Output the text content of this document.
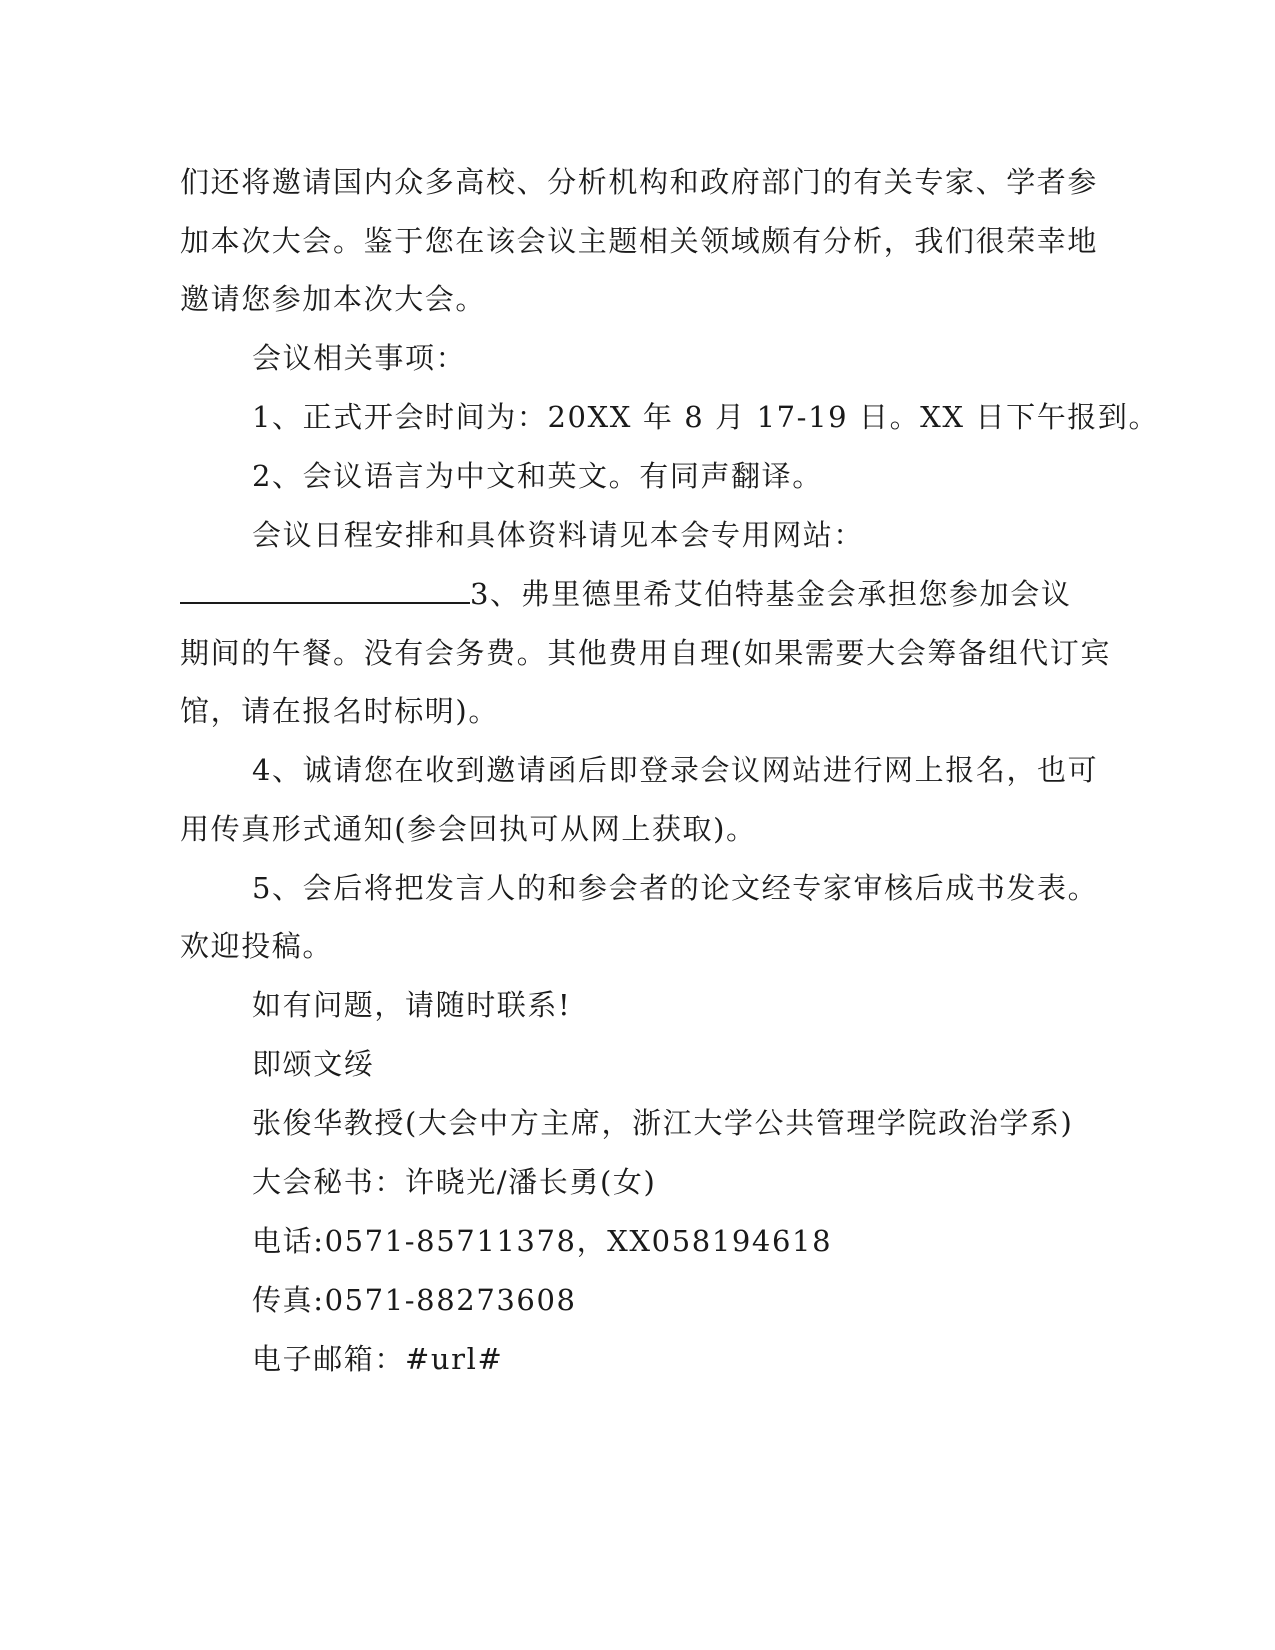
们还将邀请国内众多高校、分析机构和政府部门的有关专家、学者参
加本次大会。鉴于您在该会议主题相关领域颇有分析，我们很荣幸地
邀请您参加本次大会。
会议相关事项：
1、正式开会时间为：20XX 年 8 月 17-19 日。XX 日下午报到。
2、会议语言为中文和英文。有同声翻译。
会议日程安排和具体资料请见本会专用网站：
3、弗里德里希艾伯特基金会承担您参加会议
期间的午餐。没有会务费。其他费用自理(如果需要大会筹备组代订宾
馆，请在报名时标明)。
4、诚请您在收到邀请函后即登录会议网站进行网上报名，也可
用传真形式通知(参会回执可从网上获取)。
5、会后将把发言人的和参会者的论文经专家审核后成书发表。
欢迎投稿。
如有问题，请随时联系!
即颂文绥
张俊华教授(大会中方主席，浙江大学公共管理学院政治学系)
大会秘书：许晓光/潘长勇(女)
电话:0571-85711378，XX058194618
传真:0571-88273608
电子邮箱：#url#
